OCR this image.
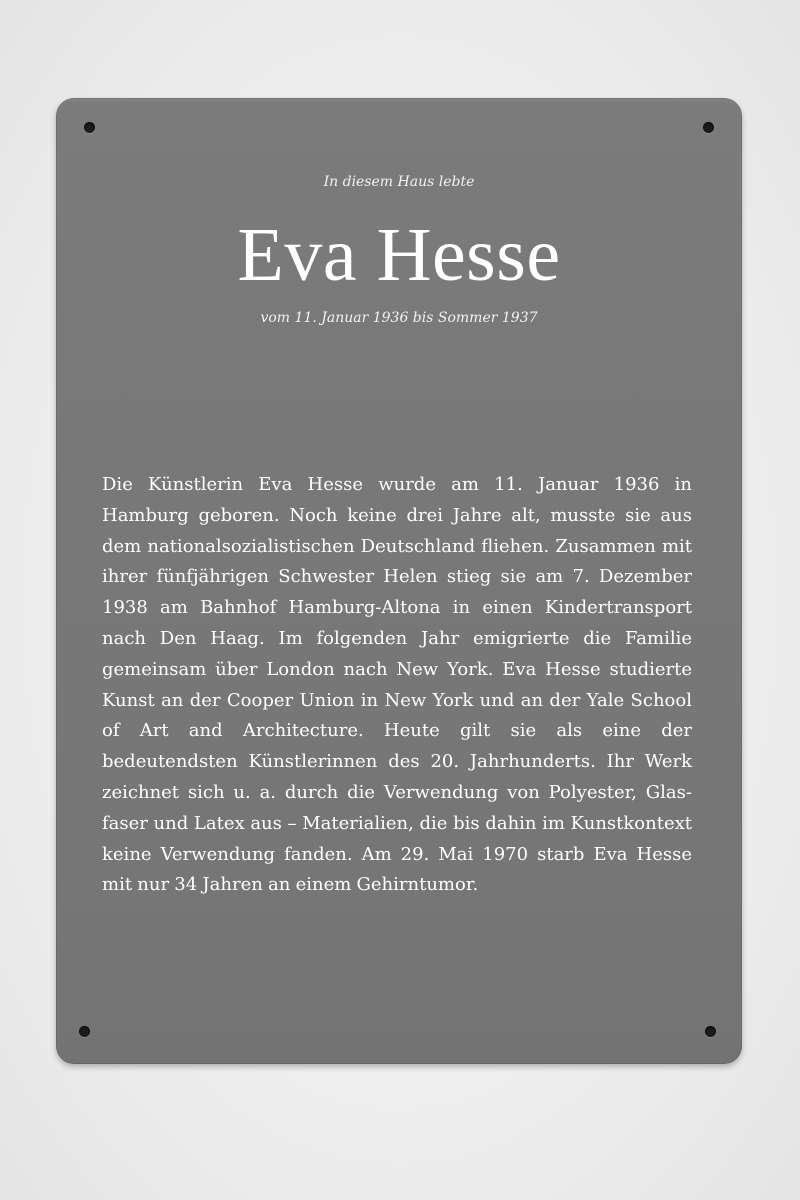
In diesem Haus lebte
Eva Hesse
vom 11. Januar 1936 bis Sommer 1937
Die Künstlerin Eva Hesse wurde am 11. Januar 1936 in Hamburg geboren. Noch keine drei Jahre alt, musste sie aus dem nationalsozialistischen Deutschland fliehen. Zusammen mit ihrer fünfjährigen Schwester Helen stieg sie am 7. Dezember 1938 am Bahnhof Hamburg-Altona in einen Kindertransport nach Den Haag. Im folgenden Jahr emigrierte die Familie gemeinsam über London nach New York. Eva Hesse studierte Kunst an der Cooper Union in New York und an der Yale School of Art and Architecture. Heute gilt sie als eine der bedeutendsten Künstlerinnen des 20. Jahrhunderts. Ihr Werk zeichnet sich u. a. durch die Verwendung von Polyester, Glasfaser und Latex aus – Materialien, die bis dahin im Kunstkontext keine Verwendung fanden. Am 29. Mai 1970 starb Eva Hesse mit nur 34 Jahren an einem Gehirntumor.
